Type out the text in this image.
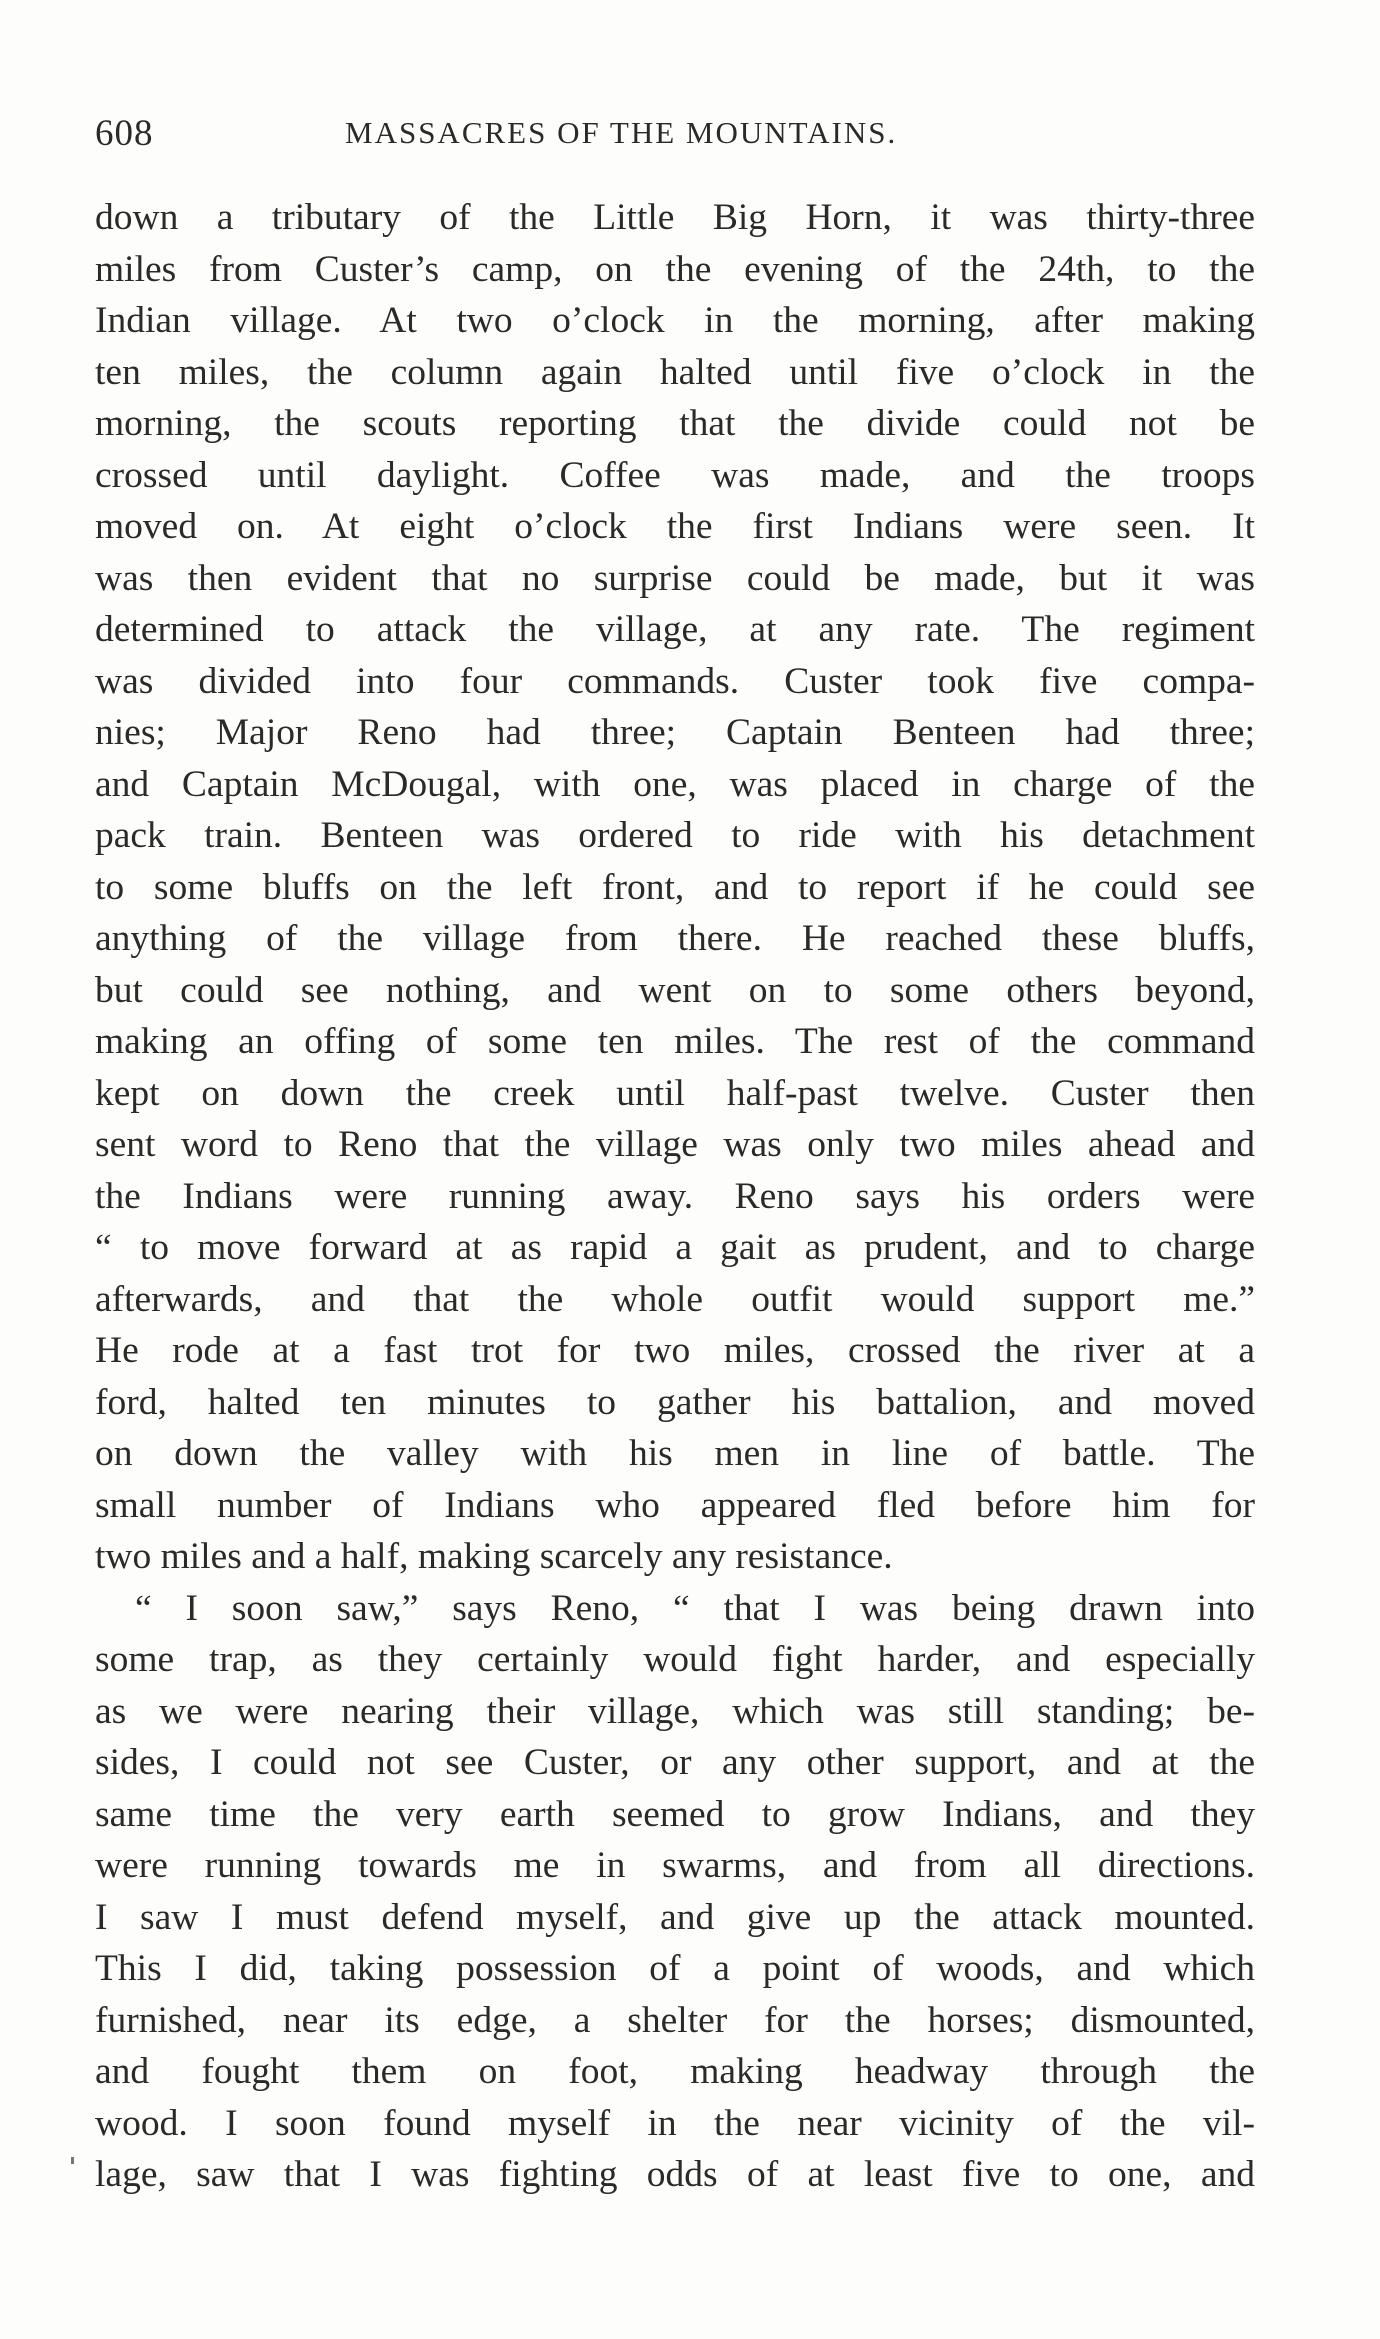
608	MASSACRES OF THE MOUNTAINS.
down a tributary of the Little Big Horn, it was thirty-three
miles from Custer’s camp, on the evening of the 24th, to the
Indian village. At two o’clock in the morning, after making
ten miles, the column again halted until five o’clock in the
morning, the scouts reporting that the divide could not be
crossed until daylight. Coffee was made, and the troops
moved on. At eight o’clock the first Indians were seen. It
was then evident that no surprise could be made, but it was
determined to attack the village, at any rate. The regiment
was divided into four commands. Custer took five compa-
nies; Major Reno had three; Captain Benteen had three;
and Captain McDougal, with one, was placed in charge of the
pack train. Benteen was ordered to ride with his detachment
to some bluffs on the left front, and to report if he could see
anything of the village from there. He reached these bluffs,
but could see nothing, and went on to some others beyond,
making an offing of some ten miles. The rest of the command
kept on down the creek until half-past twelve. Custer then
sent word to Reno that the village was only two miles ahead and
the Indians were running away. Reno says his orders were
“ to move forward at as rapid a gait as prudent, and to charge
afterwards, and that the whole outfit would support me.”
He rode at a fast trot for two miles, crossed the river at a
ford, halted ten minutes to gather his battalion, and moved
on down the valley with his men in line of battle. The
small number of Indians who appeared fled before him for
two miles and a half, making scarcely any resistance.
“ I soon saw,” says Reno, “ that I was being drawn into
some trap, as they certainly would fight harder, and especially
as we were nearing their village, which was still standing; be-
sides, I could not see Custer, or any other support, and at the
same time the very earth seemed to grow Indians, and they
were running towards me in swarms, and from all directions.
I saw I must defend myself, and give up the attack mounted.
This I did, taking possession of a point of woods, and which
furnished, near its edge, a shelter for the horses; dismounted,
and fought them on foot, making headway through the
wood. I soon found myself in the near vicinity of the vil-
lage, saw that I was fighting odds of at least five to one, and
